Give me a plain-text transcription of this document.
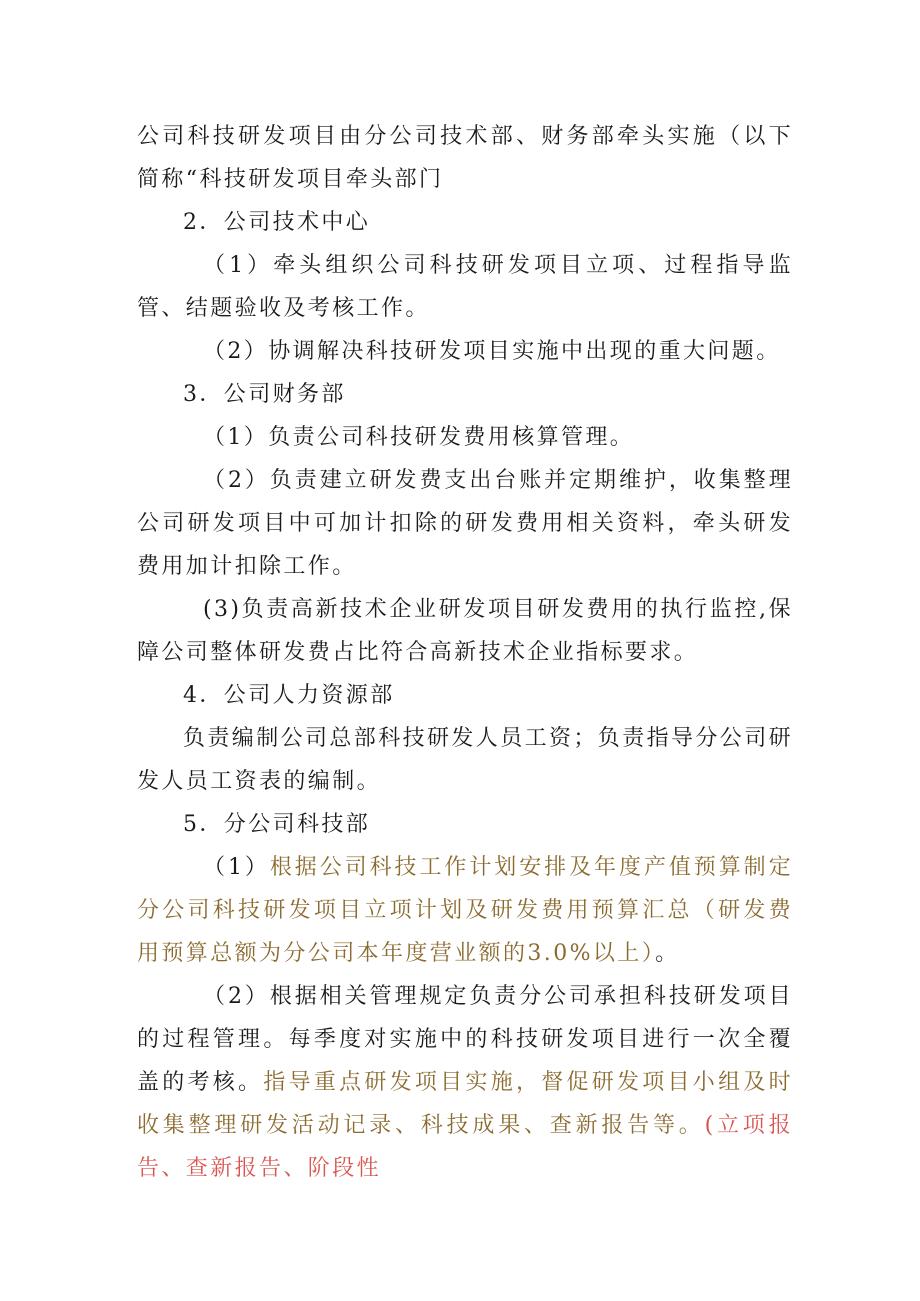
公司科技研发项目由分公司技术部、财务部牵头实施（以下简称“科技研发项目牵头部门

2．公司技术中心

（1）牵头组织公司科技研发项目立项、过程指导监管、结题验收及考核工作。

（2）协调解决科技研发项目实施中出现的重大问题。

3．公司财务部

（1）负责公司科技研发费用核算管理。

（2）负责建立研发费支出台账并定期维护，收集整理公司研发项目中可加计扣除的研发费用相关资料，牵头研发费用加计扣除工作。

(3)负责高新技术企业研发项目研发费用的执行监控,保障公司整体研发费占比符合高新技术企业指标要求。

4．公司人力资源部

负责编制公司总部科技研发人员工资；负责指导分公司研发人员工资表的编制。

5．分公司科技部

（1）根据公司科技工作计划安排及年度产值预算制定分公司科技研发项目立项计划及研发费用预算汇总（研发费用预算总额为分公司本年度营业额的3.0%以上）。

（2）根据相关管理规定负责分公司承担科技研发项目的过程管理。每季度对实施中的科技研发项目进行一次全覆盖的考核。指导重点研发项目实施，督促研发项目小组及时收集整理研发活动记录、科技成果、查新报告等。(立项报告、查新报告、阶段性
